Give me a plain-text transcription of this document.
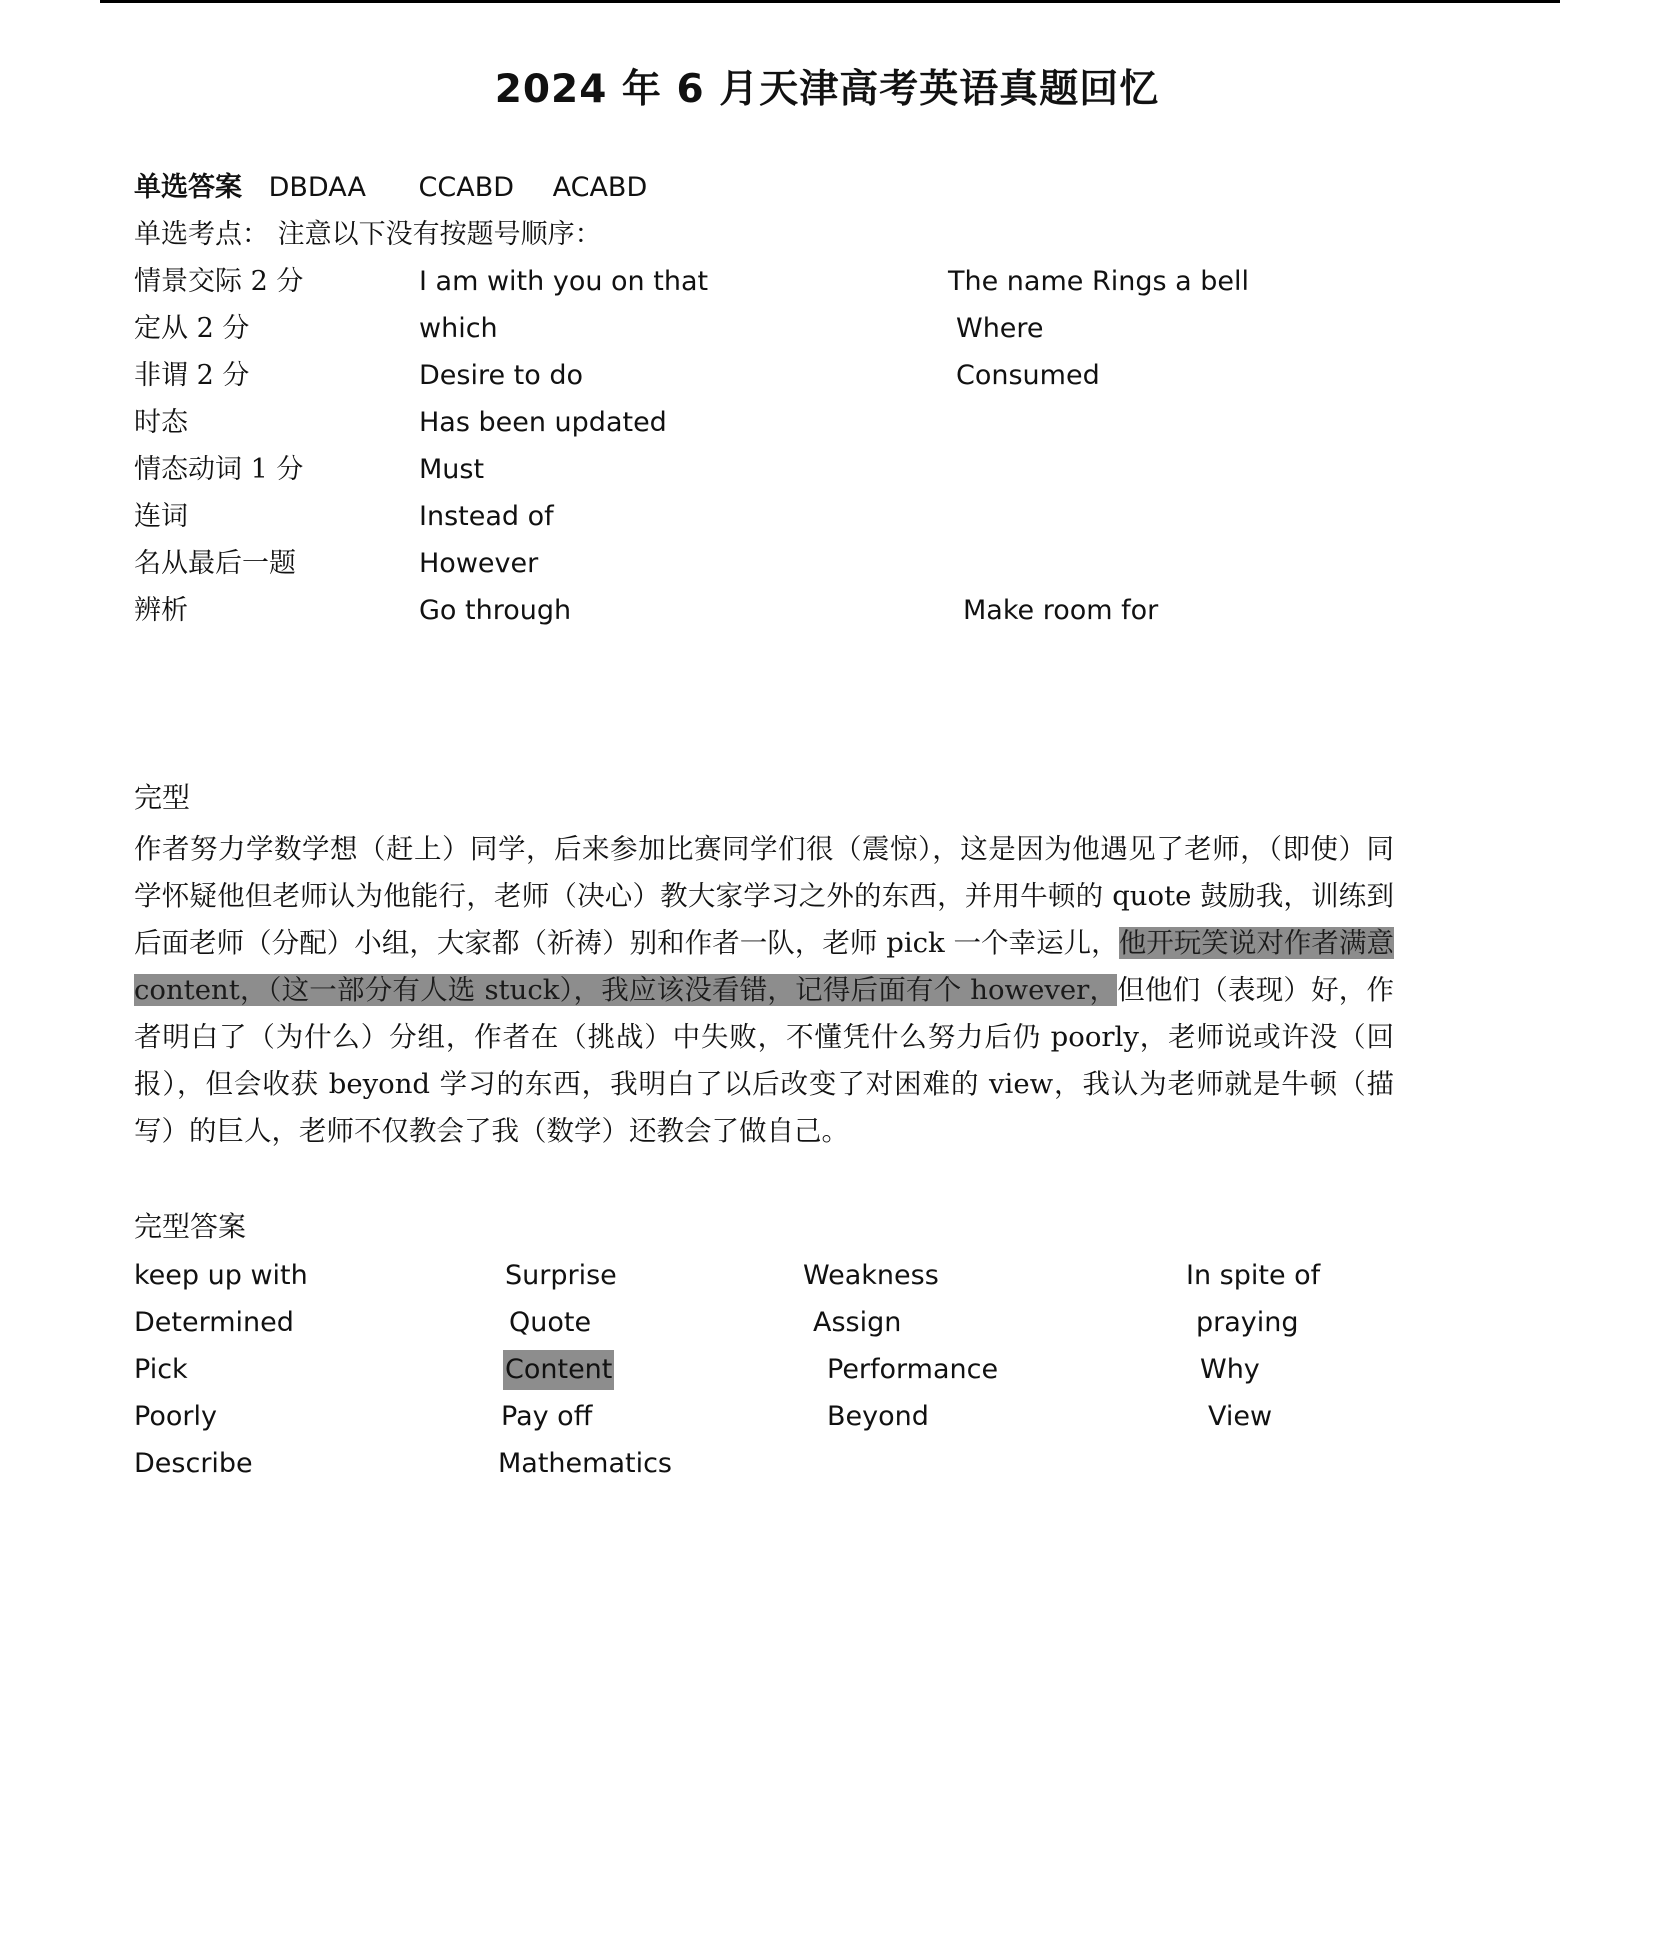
2024 年 6 月天津高考英语真题回忆
单选答案 DBDAA CCABD ACABD
单选考点： 注意以下没有按题号顺序：
情景交际 2 分	I am with you on that	The name Rings a bell
定从 2 分	which	Where
非谓 2 分	Desire to do	Consumed
时态	Has been updated
情态动词 1 分	Must
连词	Instead of
名从最后一题	However
辨析	Go through	Make room for
完型
作者努力学数学想（赶上）同学，后来参加比赛同学们很（震惊），这是因为他遇见了老师，（即使）同学怀疑他但老师认为他能行，老师（决心）教大家学习之外的东西，并用牛顿的 quote 鼓励我，训练到后面老师（分配）小组，大家都（祈祷）别和作者一队，老师 pick 一个幸运儿，他开玩笑说对作者满意 content，（这一部分有人选 stuck），我应该没看错，记得后面有个 however，但他们（表现）好，作者明白了（为什么）分组，作者在（挑战）中失败，不懂凭什么努力后仍 poorly，老师说或许没（回报），但会收获 beyond 学习的东西，我明白了以后改变了对困难的 view，我认为老师就是牛顿（描写）的巨人，老师不仅教会了我（数学）还教会了做自己。
完型答案
keep up with	Surprise	Weakness	In spite of
Determined	Quote	Assign	praying
Pick	Content	Performance	Why
Poorly	Pay off	Beyond	View
Describe	Mathematics
